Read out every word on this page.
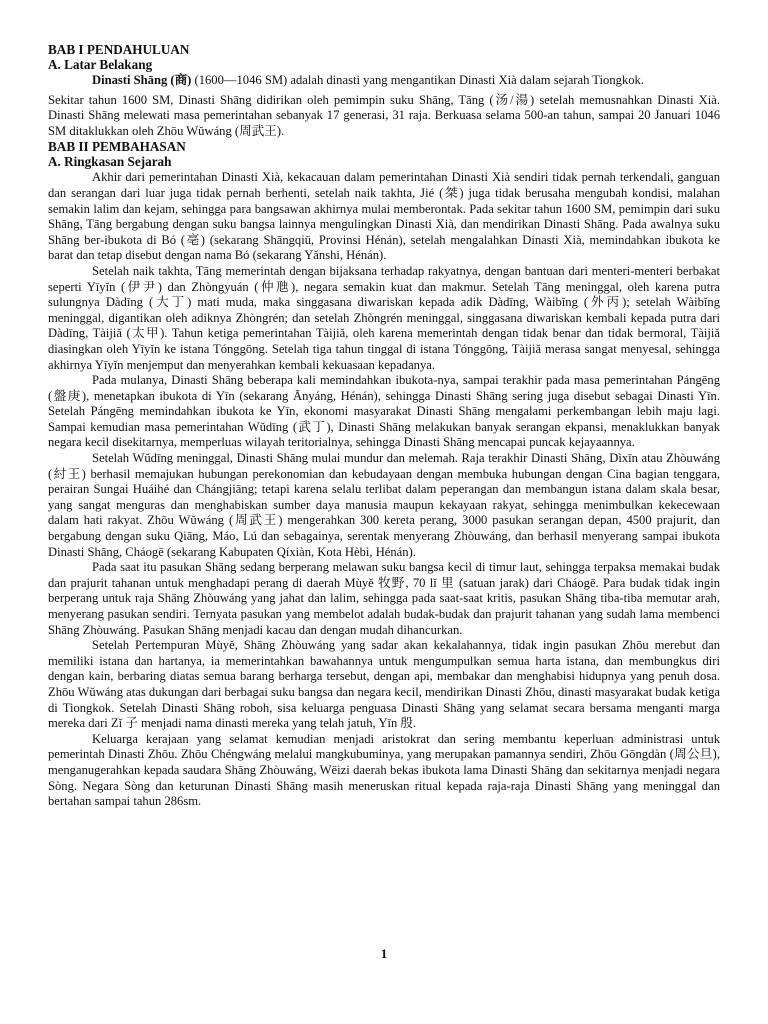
BAB I PENDAHULUAN

A. Latar Belakang

Dinasti Shāng (商) (1600—1046 SM) adalah dinasti yang mengantikan Dinasti Xià dalam sejarah Tiongkok.

Sekitar tahun 1600 SM, Dinasti Shāng didirikan oleh pemimpin suku Shāng, Tāng (汤/湯) setelah memusnahkan Dinasti Xià. Dinasti Shāng melewati masa pemerintahan sebanyak 17 generasi, 31 raja. Berkuasa selama 500-an tahun, sampai 20 Januari 1046 SM ditaklukkan oleh Zhōu Wǔwáng (周武王).

BAB II PEMBAHASAN

A. Ringkasan Sejarah

Akhir dari pemerintahan Dinasti Xià, kekacauan dalam pemerintahan Dinasti Xià sendiri tidak pernah terkendali, ganguan dan serangan dari luar juga tidak pernah berhenti, setelah naik takhta, Jié (桀) juga tidak berusaha mengubah kondisi, malahan semakin lalim dan kejam, sehingga para bangsawan akhirnya mulai memberontak. Pada sekitar tahun 1600 SM, pemimpin dari suku Shāng, Tāng bergabung dengan suku bangsa lainnya mengulingkan Dinasti Xià, dan mendirikan Dinasti Shāng. Pada awalnya suku Shāng ber-ibukota di Bó (亳) (sekarang Shāngqiū, Provinsi Hénán), setelah mengalahkan Dinasti Xià, memindahkan ibukota ke barat dan tetap disebut dengan nama Bó (sekarang Yǎnshi, Hénán).

Setelah naik takhta, Tāng memerintah dengan bijaksana terhadap rakyatnya, dengan bantuan dari menteri-menteri berbakat seperti Yīyǐn (伊尹) dan Zhòngyuán (仲虺), negara semakin kuat dan makmur. Setelah Tāng meninggal, oleh karena putra sulungnya Dàdīng (大丁) mati muda, maka singgasana diwariskan kepada adik Dàdīng, Wàibǐng (外丙); setelah Wàibǐng meninggal, digantikan oleh adiknya Zhòngrén; dan setelah Zhòngrén meninggal, singgasana diwariskan kembali kepada putra dari Dàdīng, Tàijiǎ (太甲). Tahun ketiga pemerintahan Tàijiǎ, oleh karena memerintah dengan tidak benar dan tidak bermoral, Tàijiǎ diasingkan oleh Yīyǐn ke istana Tónggōng. Setelah tiga tahun tinggal di istana Tónggōng, Tàijiǎ merasa sangat menyesal, sehingga akhirnya Yīyǐn menjemput dan menyerahkan kembali kekuasaan kepadanya.

Pada mulanya, Dinasti Shāng beberapa kali memindahkan ibukota-nya, sampai terakhir pada masa pemerintahan Pángēng (盤庚), menetapkan ibukota di Yīn (sekarang Ānyáng, Hénán), sehingga Dinasti Shāng sering juga disebut sebagai Dinasti Yīn. Setelah Pángēng memindahkan ibukota ke Yīn, ekonomi masyarakat Dinasti Shāng mengalami perkembangan lebih maju lagi. Sampai kemudian masa pemerintahan Wǔdīng (武丁), Dinasti Shāng melakukan banyak serangan ekpansi, menaklukkan banyak negara kecil disekitarnya, memperluas wilayah teritorialnya, sehingga Dinasti Shāng mencapai puncak kejayaannya.

Setelah Wǔdīng meninggal, Dinasti Shāng mulai mundur dan melemah. Raja terakhir Dinasti Shāng, Dìxīn atau Zhòuwáng (紂王) berhasil memajukan hubungan perekonomian dan kebudayaan dengan membuka hubungan dengan Cina bagian tenggara, perairan Sungai Huáihé dan Chángjiāng; tetapi karena selalu terlibat dalam peperangan dan membangun istana dalam skala besar, yang sangat menguras dan menghabiskan sumber daya manusia maupun kekayaan rakyat, sehingga menimbulkan kekecewaan dalam hati rakyat. Zhōu Wǔwáng (周武王) mengerahkan 300 kereta perang, 3000 pasukan serangan depan, 4500 prajurit, dan bergabung dengan suku Qiāng, Máo, Lú dan sebagainya, serentak menyerang Zhòuwáng, dan berhasil menyerang sampai ibukota Dinasti Shāng, Cháogē (sekarang Kabupaten Qíxiàn, Kota Hèbì, Hénán).

Pada saat itu pasukan Shāng sedang berperang melawan suku bangsa kecil di timur laut, sehingga terpaksa memakai budak dan prajurit tahanan untuk menghadapi perang di daerah Mùyě 牧野, 70 lǐ 里 (satuan jarak) dari Cháogē. Para budak tidak ingin berperang untuk raja Shāng Zhòuwáng yang jahat dan lalim, sehingga pada saat-saat kritis, pasukan Shāng tiba-tiba memutar arah, menyerang pasukan sendiri. Ternyata pasukan yang membelot adalah budak-budak dan prajurit tahanan yang sudah lama membenci Shāng Zhòuwáng. Pasukan Shāng menjadi kacau dan dengan mudah dihancurkan.

Setelah Pertempuran Mùyě, Shāng Zhòuwáng yang sadar akan kekalahannya, tidak ingin pasukan Zhōu merebut dan memiliki istana dan hartanya, ia memerintahkan bawahannya untuk mengumpulkan semua harta istana, dan membungkus diri dengan kain, berbaring diatas semua barang berharga tersebut, dengan api, membakar dan menghabisi hidupnya yang penuh dosa. Zhōu Wǔwáng atas dukungan dari berbagai suku bangsa dan negara kecil, mendirikan Dinasti Zhōu, dinasti masyarakat budak ketiga di Tiongkok. Setelah Dinasti Shāng roboh, sisa keluarga penguasa Dinasti Shāng yang selamat secara bersama menganti marga mereka dari Zǐ 子 menjadi nama dinasti mereka yang telah jatuh, Yīn 殷.

Keluarga kerajaan yang selamat kemudian menjadi aristokrat dan sering membantu keperluan administrasi untuk pemerintah Dinasti Zhōu. Zhōu Chéngwáng melalui mangkubuminya, yang merupakan pamannya sendiri, Zhōu Gōngdàn (周公旦), menganugerahkan kepada saudara Shāng Zhòuwáng, Wēizi daerah bekas ibukota lama Dinasti Shāng dan sekitarnya menjadi negara Sòng. Negara Sòng dan keturunan Dinasti Shāng masih meneruskan ritual kepada raja-raja Dinasti Shāng yang meninggal dan bertahan sampai tahun 286sm.

1
